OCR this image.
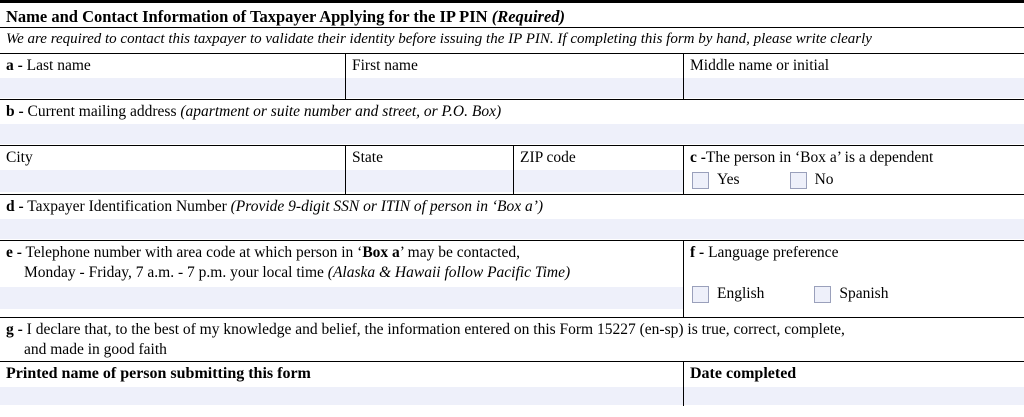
Name and Contact Information of Taxpayer Applying for the IP PIN (Required)
We are required to contact this taxpayer to validate their identity before issuing the IP PIN. If completing this form by hand, please write clearly
a - Last name	First name	Middle name or initial
b - Current mailing address (apartment or suite number and street, or P.O. Box)
City	State	ZIP code	c -The person in ‘Box a’ is a dependent
Yes	No
d - Taxpayer Identification Number (Provide 9-digit SSN or ITIN of person in ‘Box a’)
e - Telephone number with area code at which person in ‘Box a’ may be contacted,
Monday - Friday, 7 a.m. - 7 p.m. your local time (Alaska & Hawaii follow Pacific Time)
f - Language preference
English	Spanish
g - I declare that, to the best of my knowledge and belief, the information entered on this Form 15227 (en-sp) is true, correct, complete,
and made in good faith
Printed name of person submitting this form	Date completed
